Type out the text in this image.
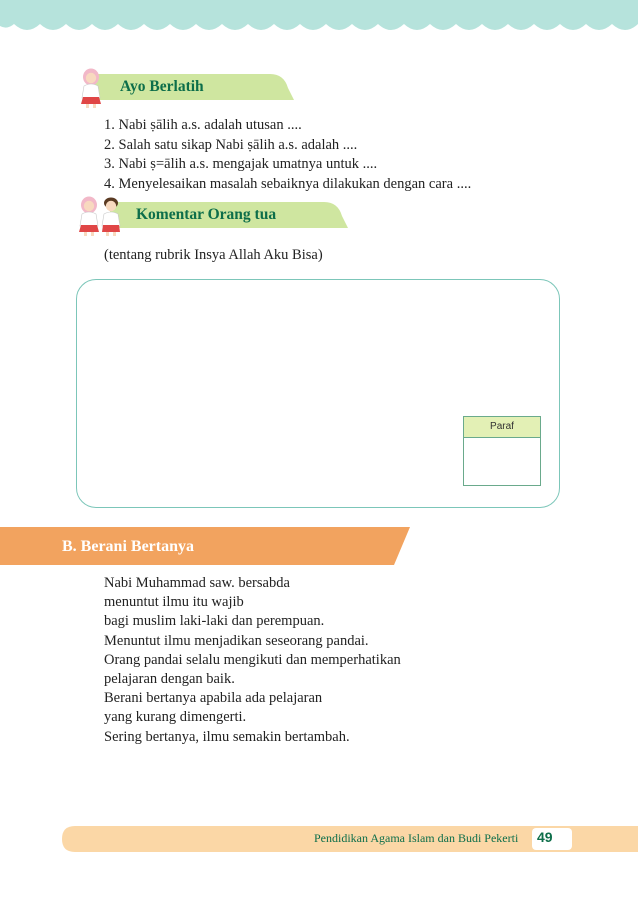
Ayo Berlatih
1. Nabi ṣālih a.s. adalah utusan ....
2. Salah satu sikap Nabi ṣālih a.s. adalah ....
3. Nabi ṣ=ālih a.s. mengajak umatnya untuk ....
4. Menyelesaikan masalah sebaiknya dilakukan dengan cara ....
Komentar Orang tua
(tentang rubrik Insya Allah Aku Bisa)
Paraf
B. Berani Bertanya
Nabi Muhammad saw. bersabda
menuntut ilmu itu wajib
bagi muslim laki-laki dan perempuan.
Menuntut ilmu menjadikan seseorang pandai.
Orang pandai selalu mengikuti dan memperhatikan
pelajaran dengan baik.
Berani bertanya apabila ada pelajaran
yang kurang dimengerti.
Sering bertanya, ilmu semakin bertambah.
Pendidikan Agama Islam dan Budi Pekerti 49
